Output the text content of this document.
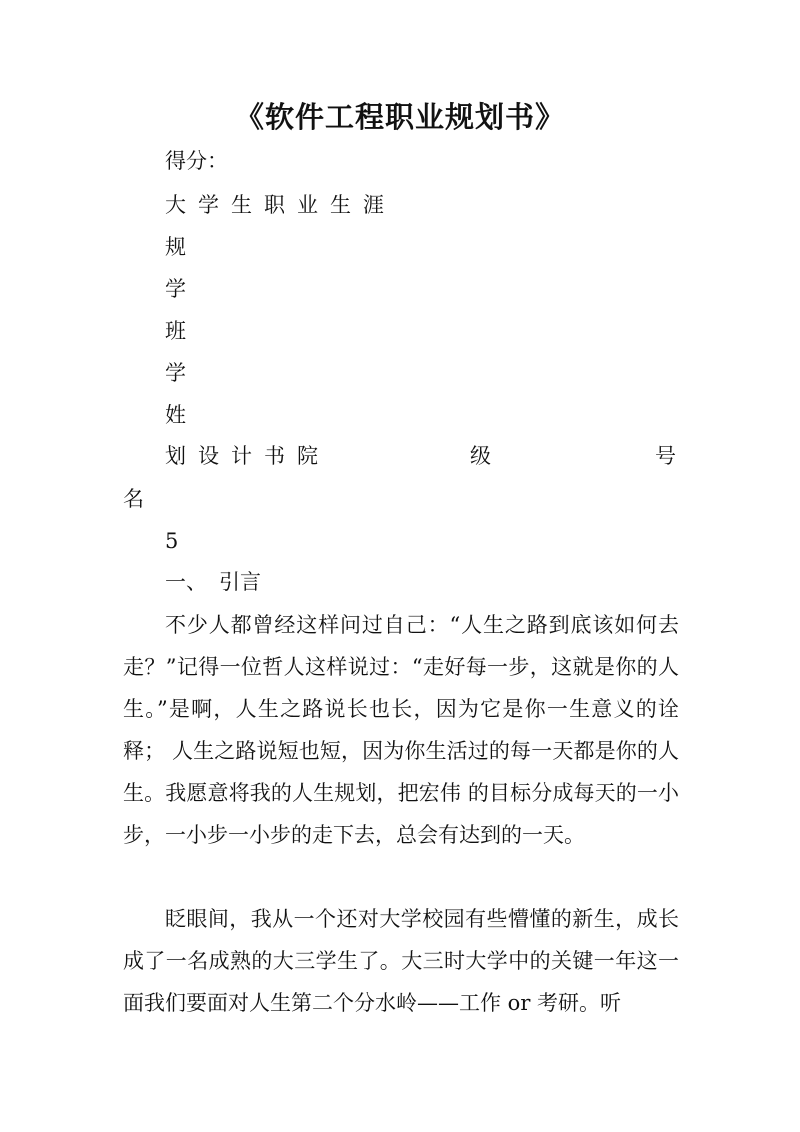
《软件工程职业规划书》

得分：

大学生职业生涯

规

学

班

学

姓

划设计书院	级	号

名

5

一、 引言

不少人都曾经这样问过自己：“人生之路到底该如何去走？”记得一位哲人这样说过：“走好每一步，这就是你的人生。”是啊，人生之路说长也长，因为它是你一生意义的诠释； 人生之路说短也短，因为你生活过的每一天都是你的人生。我愿意将我的人生规划，把宏伟 的目标分成每天的一小步，一小步一小步的走下去，总会有达到的一天。

眨眼间，我从一个还对大学校园有些懵懂的新生，成长成了一名成熟的大三学生了。大三时大学中的关键一年这一面我们要面对人生第二个分水岭——工作 or 考研。听
